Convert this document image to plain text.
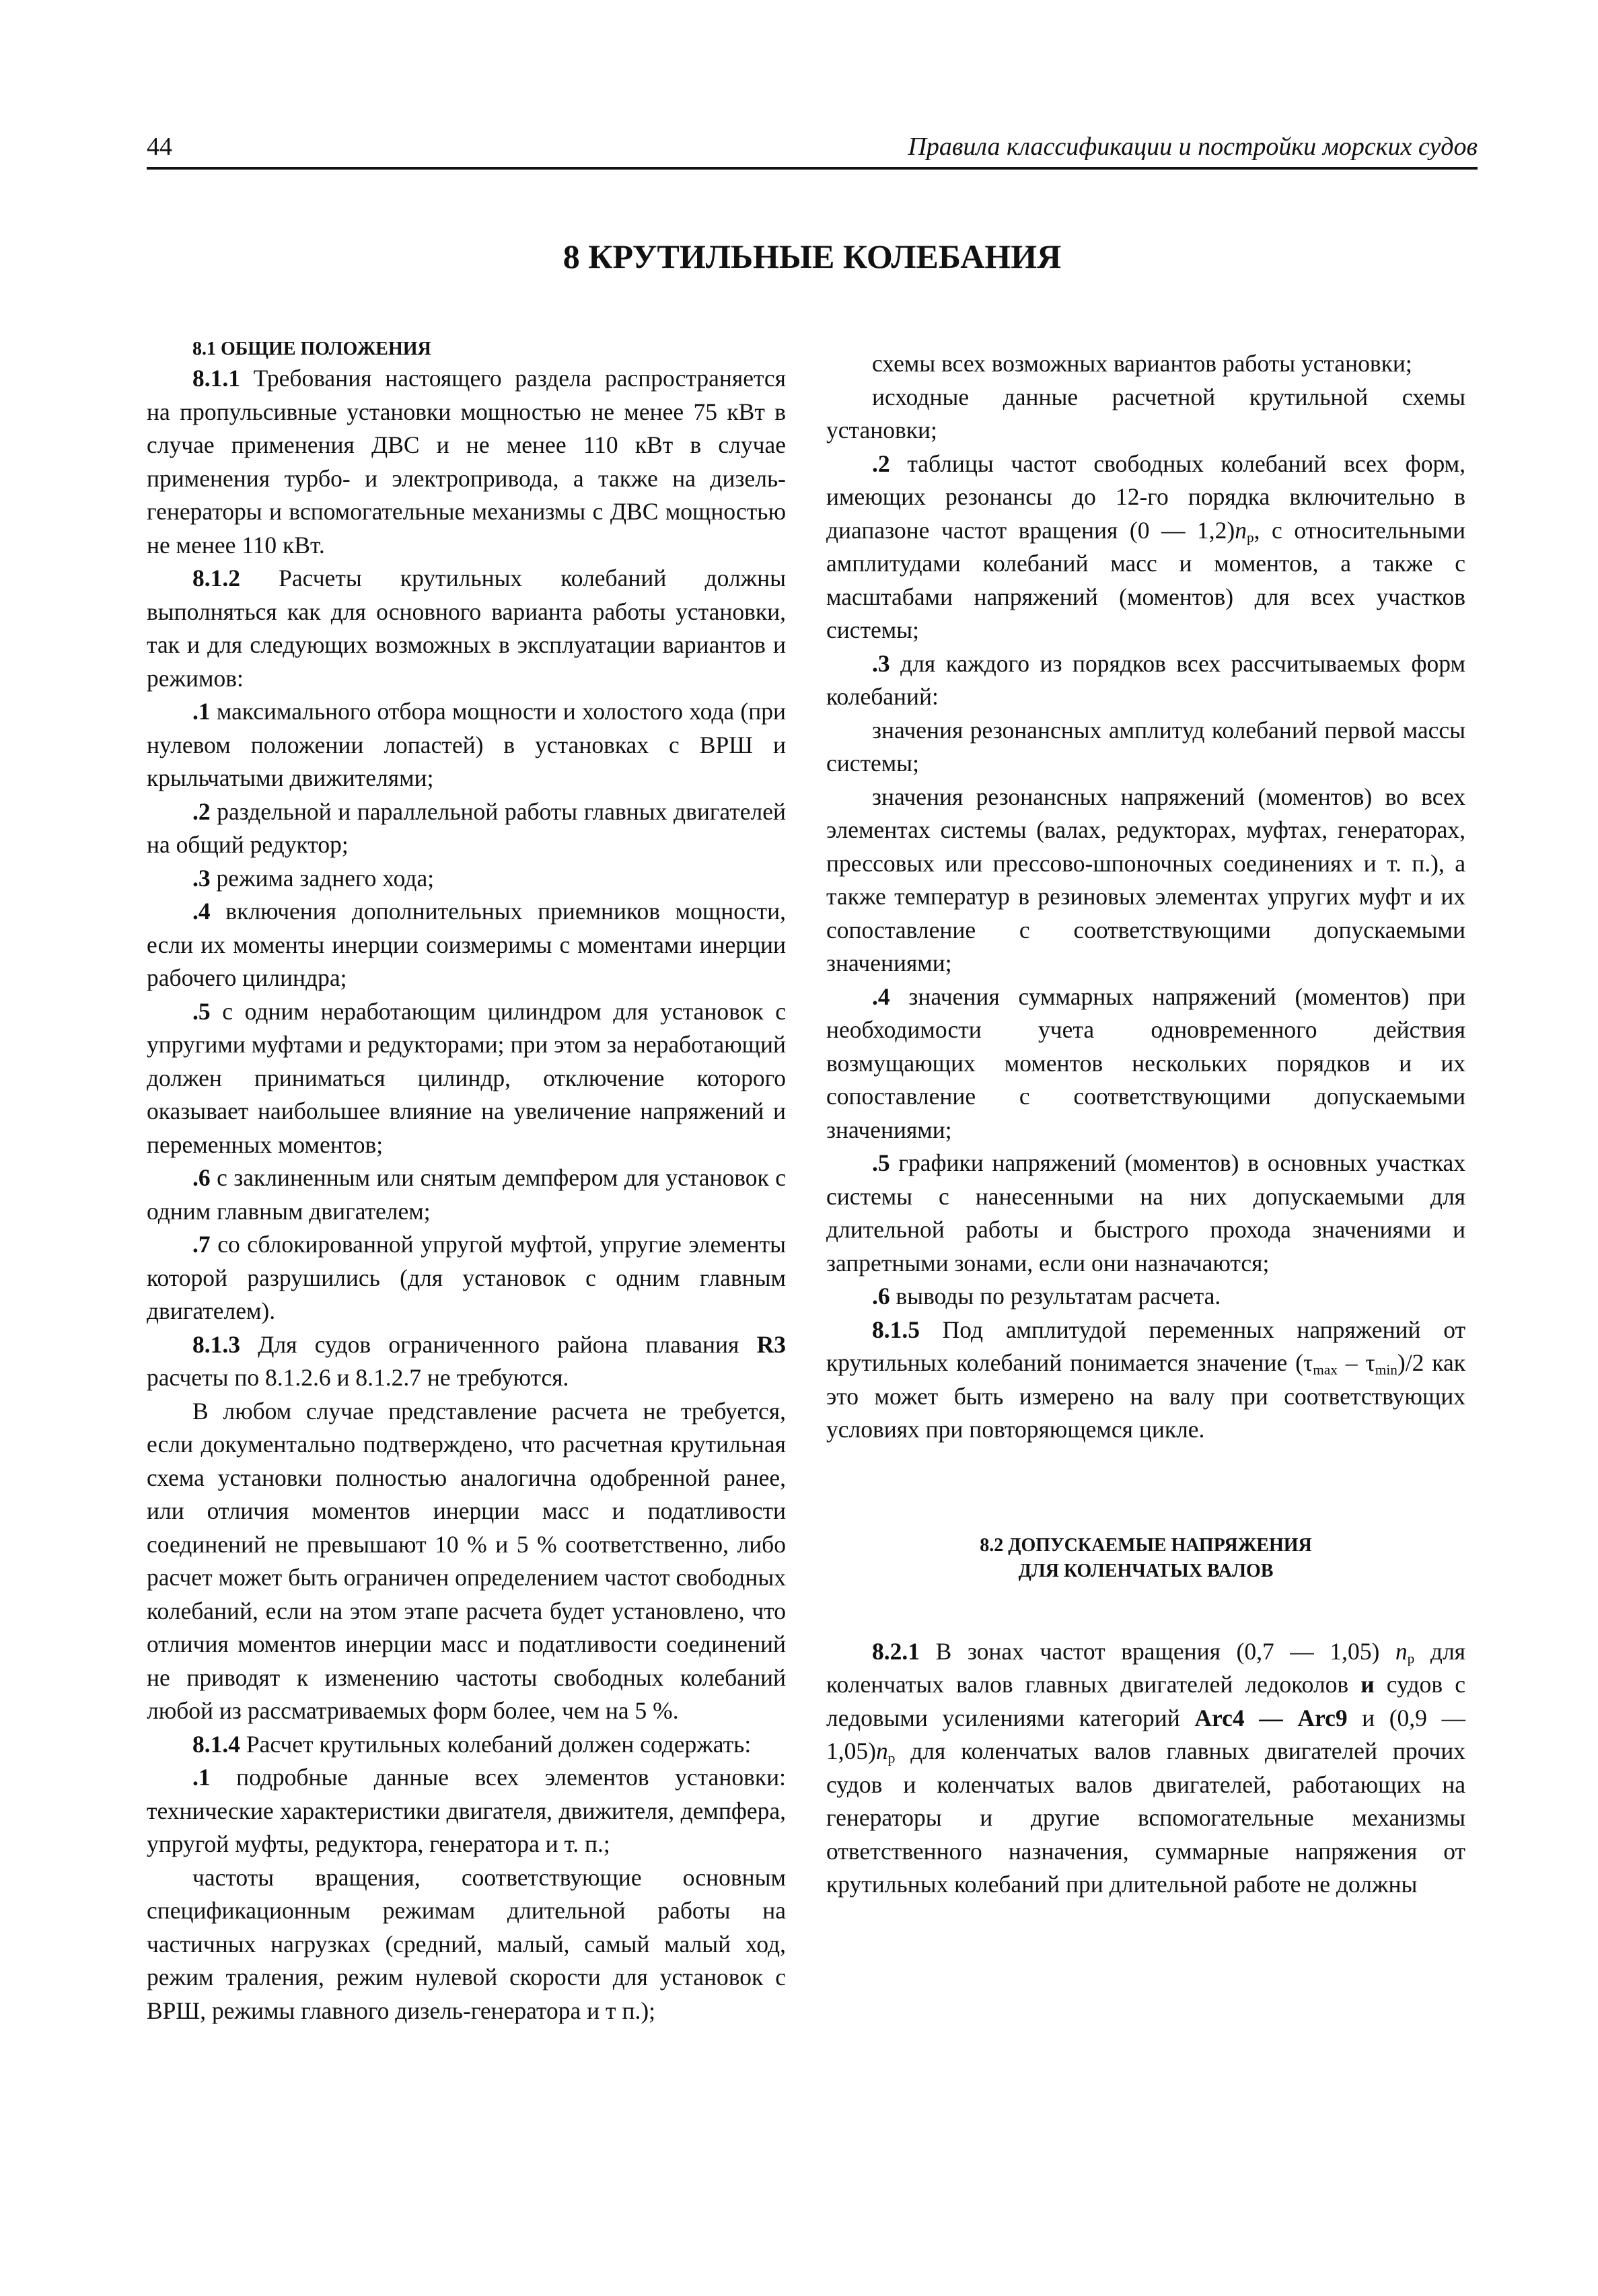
44	Правила классификации и постройки морских судов
8 КРУТИЛЬНЫЕ КОЛЕБАНИЯ

8.1 ОБЩИЕ ПОЛОЖЕНИЯ

8.1.1 Требования настоящего раздела распространяется на пропульсивные установки мощностью не менее 75 кВт в случае применения ДВС и не менее 110 кВт в случае применения турбо- и электропривода, а также на дизель-генераторы и вспомогательные механизмы с ДВС мощностью не менее 110 кВт.

8.1.2 Расчеты крутильных колебаний должны выполняться как для основного варианта работы установки, так и для следующих возможных в эксплуатации вариантов и режимов:

.1 максимального отбора мощности и холостого хода (при нулевом положении лопастей) в установках с ВРШ и крыльчатыми движителями;

.2 раздельной и параллельной работы главных двигателей на общий редуктор;

.3 режима заднего хода;

.4 включения дополнительных приемников мощности, если их моменты инерции соизмеримы с моментами инерции рабочего цилиндра;

.5 с одним неработающим цилиндром для установок с упругими муфтами и редукторами; при этом за неработающий должен приниматься цилиндр, отключение которого оказывает наибольшее влияние на увеличение напряжений и переменных моментов;

.6 с заклиненным или снятым демпфером для установок с одним главным двигателем;

.7 со сблокированной упругой муфтой, упругие элементы которой разрушились (для установок с одним главным двигателем).

8.1.3 Для судов ограниченного района плавания R3 расчеты по 8.1.2.6 и 8.1.2.7 не требуются.

В любом случае представление расчета не требуется, если документально подтверждено, что расчетная крутильная схема установки полностью аналогична одобренной ранее, или отличия моментов инерции масс и податливости соединений не превышают 10 % и 5 % соответственно, либо расчет может быть ограничен определением частот свободных колебаний, если на этом этапе расчета будет установлено, что отличия моментов инерции масс и податливости соединений не приводят к изменению частоты свободных колебаний любой из рассматриваемых форм более, чем на 5 %.

8.1.4 Расчет крутильных колебаний должен содержать:

.1 подробные данные всех элементов установки: технические характеристики двигателя, движителя, демпфера, упругой муфты, редуктора, генератора и т. п.;

частоты вращения, соответствующие основным спецификационным режимам длительной работы на частичных нагрузках (средний, малый, самый малый ход, режим траления, режим нулевой скорости для установок с ВРШ, режимы главного дизель-генератора и т п.);

схемы всех возможных вариантов работы установки;

исходные данные расчетной крутильной схемы установки;

.2 таблицы частот свободных колебаний всех форм, имеющих резонансы до 12-го порядка включительно в диапазоне частот вращения (0 — $1,2)n_р$, с относительными амплитудами колебаний масс и моментов, а также с масштабами напряжений (моментов) для всех участков системы;

.3 для каждого из порядков всех рассчитываемых форм колебаний:

значения резонансных амплитуд колебаний первой массы системы;

значения резонансных напряжений (моментов) во всех элементах системы (валах, редукторах, муфтах, генераторах, прессовых или прессово-шпоночных соединениях и т. п.), а также температур в резиновых элементах упругих муфт и их сопоставление с соответствующими допускаемыми значениями;

.4 значения суммарных напряжений (моментов) при необходимости учета одновременного действия возмущающих моментов нескольких порядков и их сопоставление с соответствующими допускаемыми значениями;

.5 графики напряжений (моментов) в основных участках системы с нанесенными на них допускаемыми для длительной работы и быстрого прохода значениями и запретными зонами, если они назначаются;

.6 выводы по результатам расчета.

8.1.5 Под амплитудой переменных напряжений от крутильных колебаний понимается значение $(\tau_{max} - \tau_{min})/2$ как это может быть измерено на валу при соответствующих условиях при повторяющемся цикле.

8.2 ДОПУСКАЕМЫЕ НАПРЯЖЕНИЯ
ДЛЯ КОЛЕНЧАТЫХ ВАЛОВ

8.2.1 В зонах частот вращения (0,7 — 1,05) $n_р$ для коленчатых валов главных двигателей ледоколов и судов с ледовыми усилениями категорий Arc4 — Arc9 и (0,9 — $1,05)n_р$ для коленчатых валов главных двигателей прочих судов и коленчатых валов двигателей, работающих на генераторы и другие вспомогательные механизмы ответственного назначения, суммарные напряжения от крутильных колебаний при длительной работе не должны
